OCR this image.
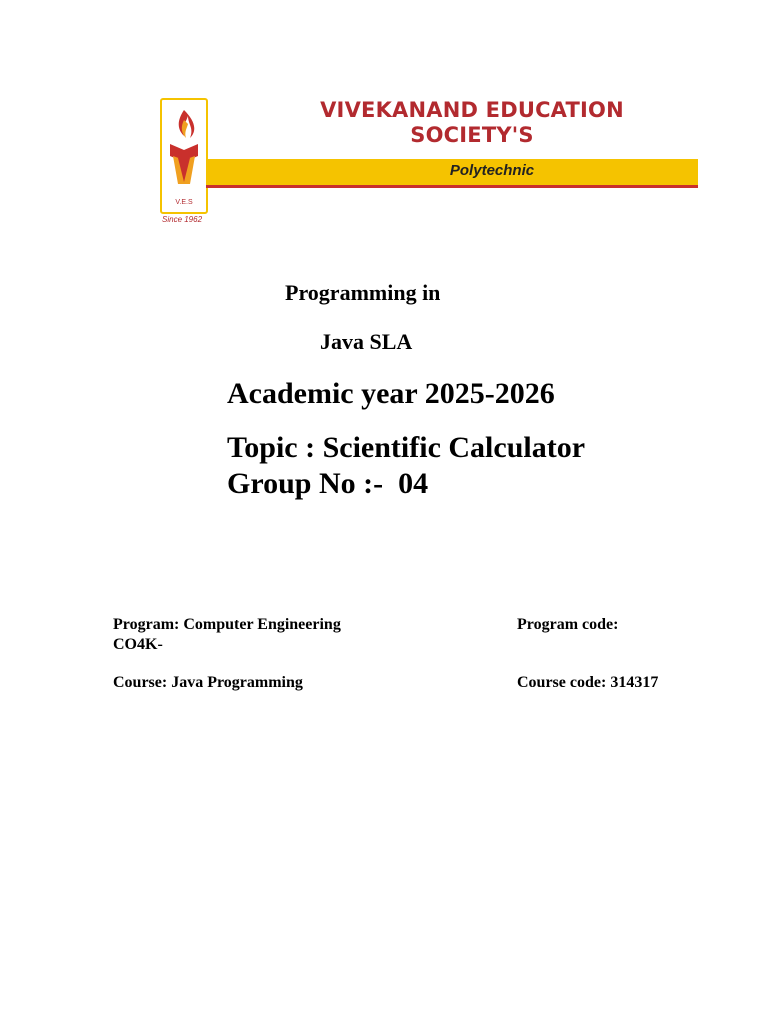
V.E.S
VIVEKANAND EDUCATION
SOCIETY'S
Polytechnic
Since 1962
Programming in
Java SLA
Academic year 2025-2026
Topic : Scientific Calculator
Group No :-  04
Program: Computer Engineering	Program code:
CO4K-
Course: Java Programming	Course code: 314317
